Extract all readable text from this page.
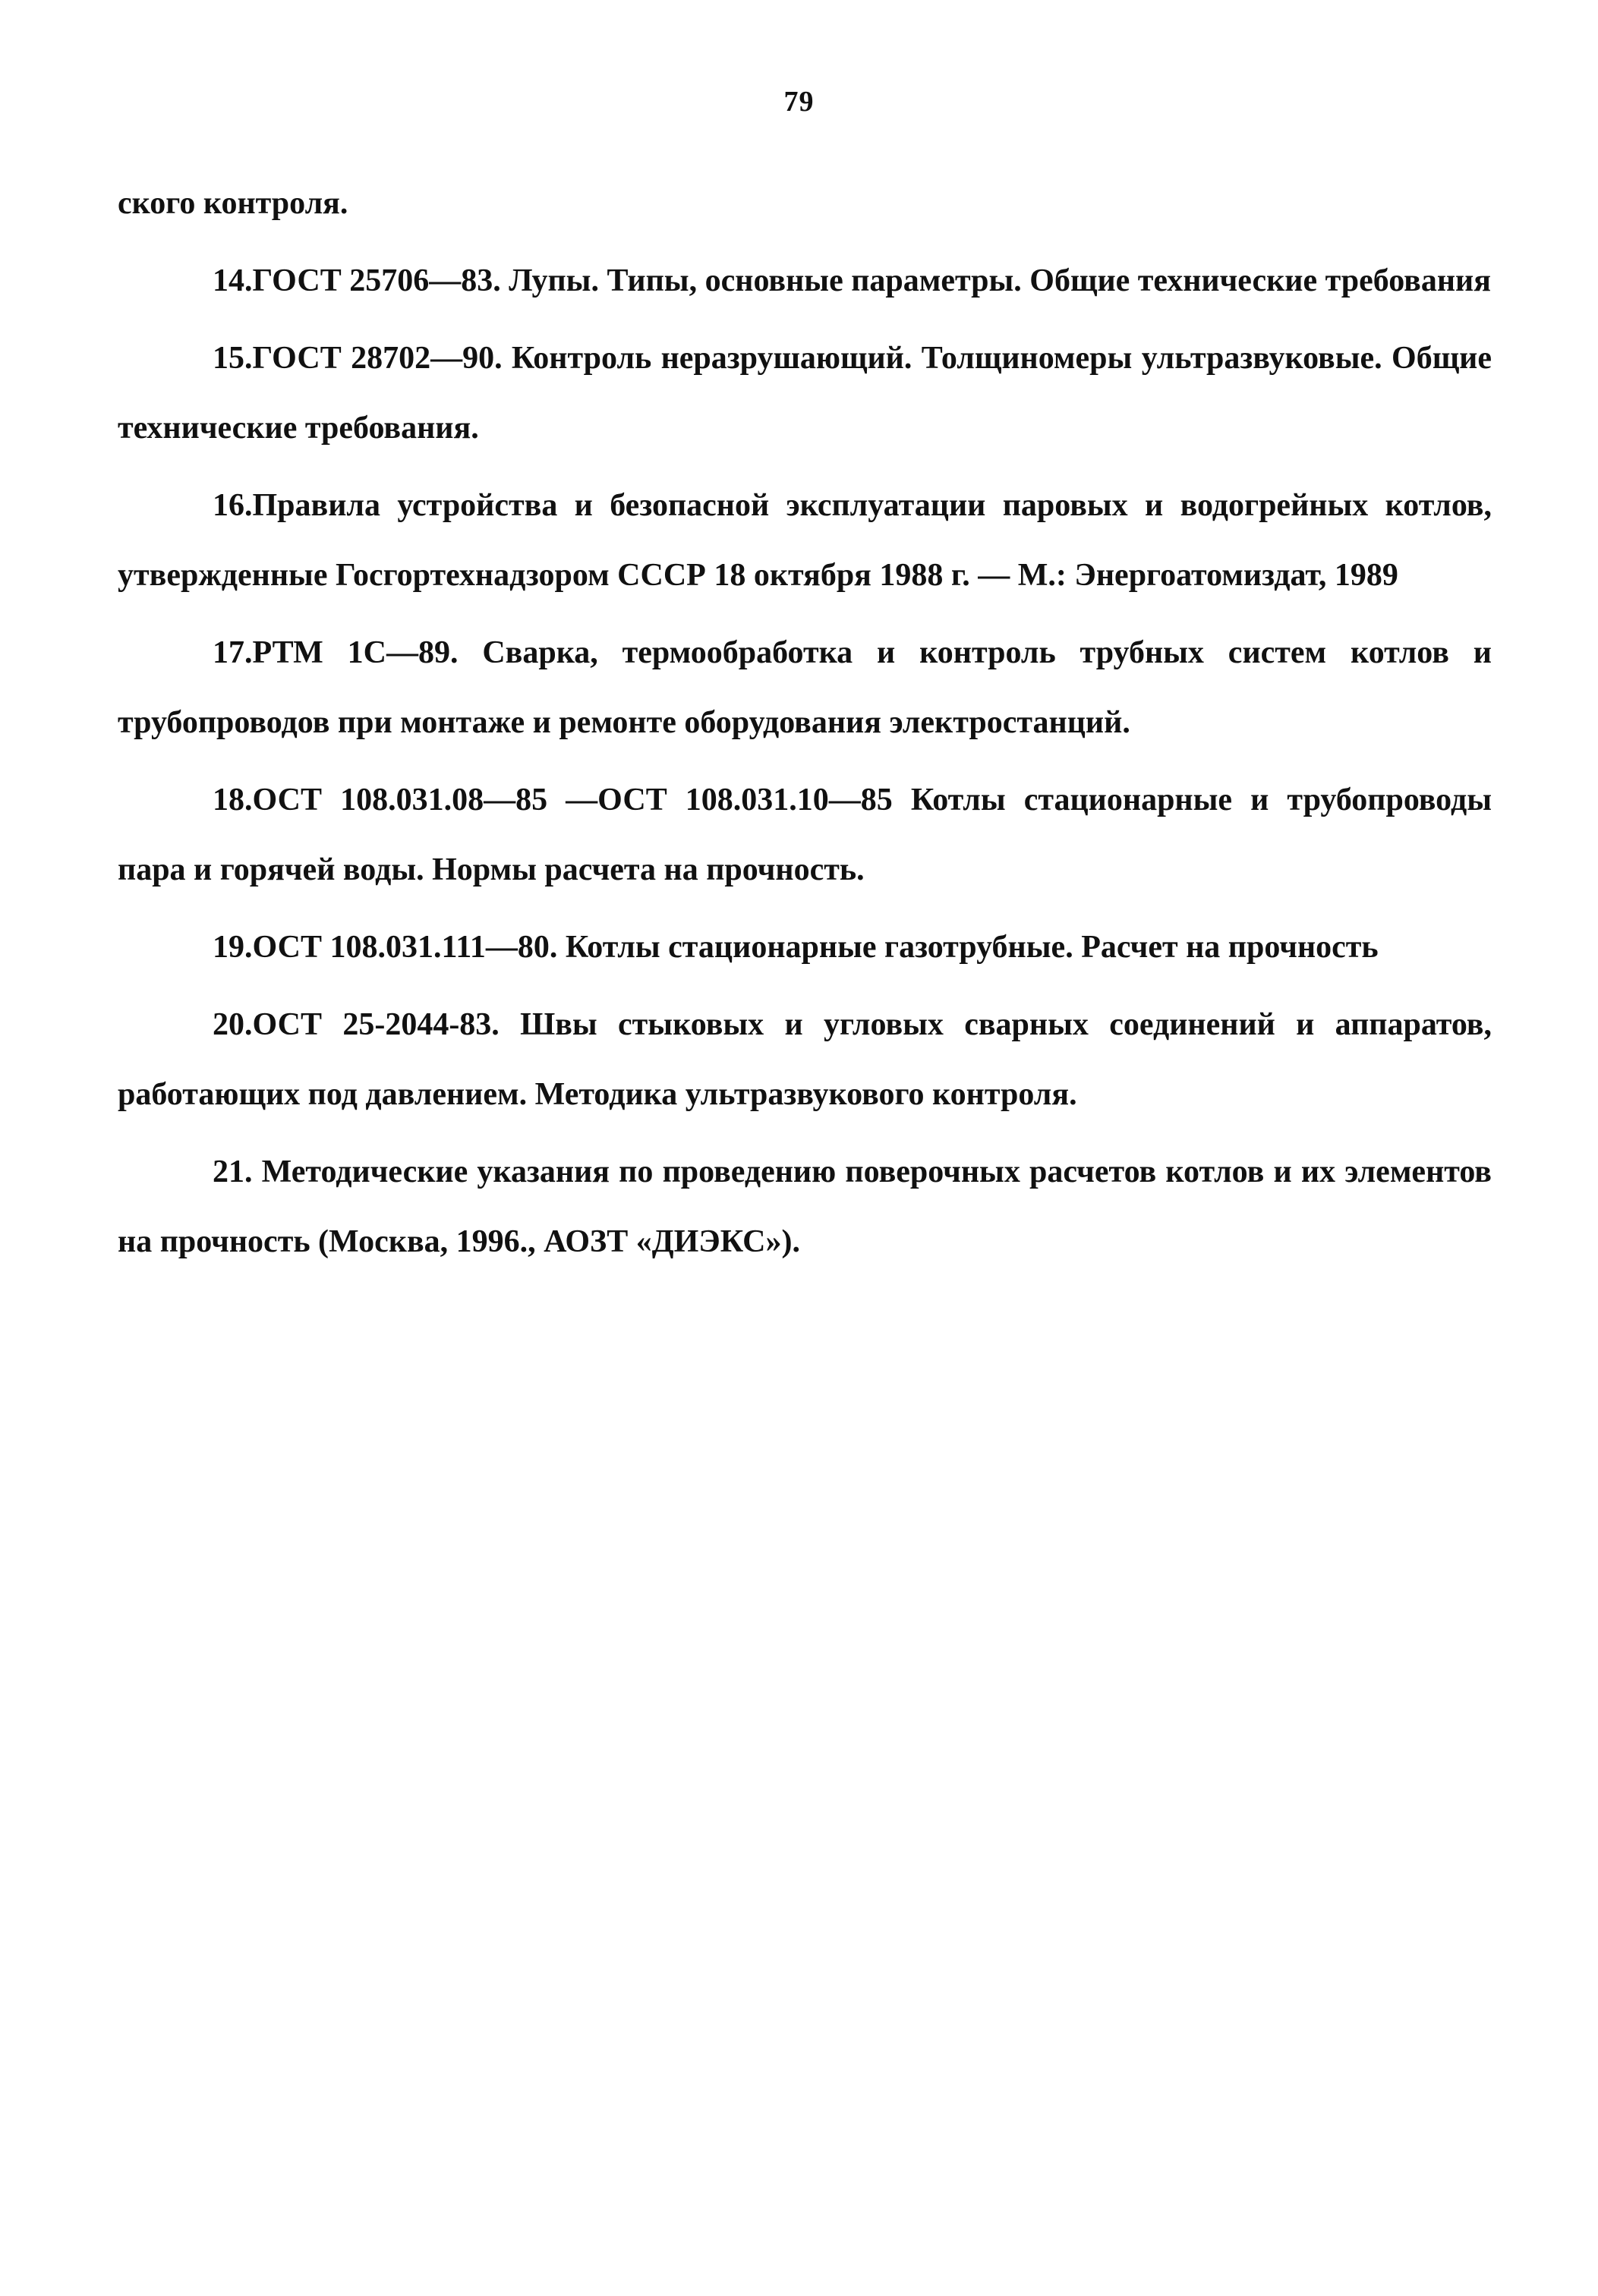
79

ского контроля.

14.ГОСТ 25706—83. Лупы. Типы, основные параметры. Общие технические требования

15.ГОСТ 28702—90. Контроль неразрушающий. Толщиномеры ультразвуковые. Общие технические требования.

16.Правила устройства и безопасной эксплуатации паровых и водогрейных котлов, утвержденные Госгортехнадзором СССР 18 октября 1988 г. — М.: Энергоатомиздат, 1989

17.РТМ 1С—89. Сварка, термообработка и контроль трубных систем котлов и трубопроводов при монтаже и ремонте оборудования электростанций.

18.ОСТ 108.031.08—85 —ОСТ 108.031.10—85 Котлы стационарные и трубопроводы пара и горячей воды. Нормы расчета на прочность.

19.ОСТ 108.031.111—80. Котлы стационарные газотрубные. Расчет на прочность

20.ОСТ 25-2044-83. Швы стыковых и угловых сварных соединений и аппаратов, работающих под давлением. Методика ультразвукового контроля.

21. Методические указания по проведению поверочных расчетов котлов и их элементов на прочность (Москва, 1996., АОЗТ «ДИЭКС»).
